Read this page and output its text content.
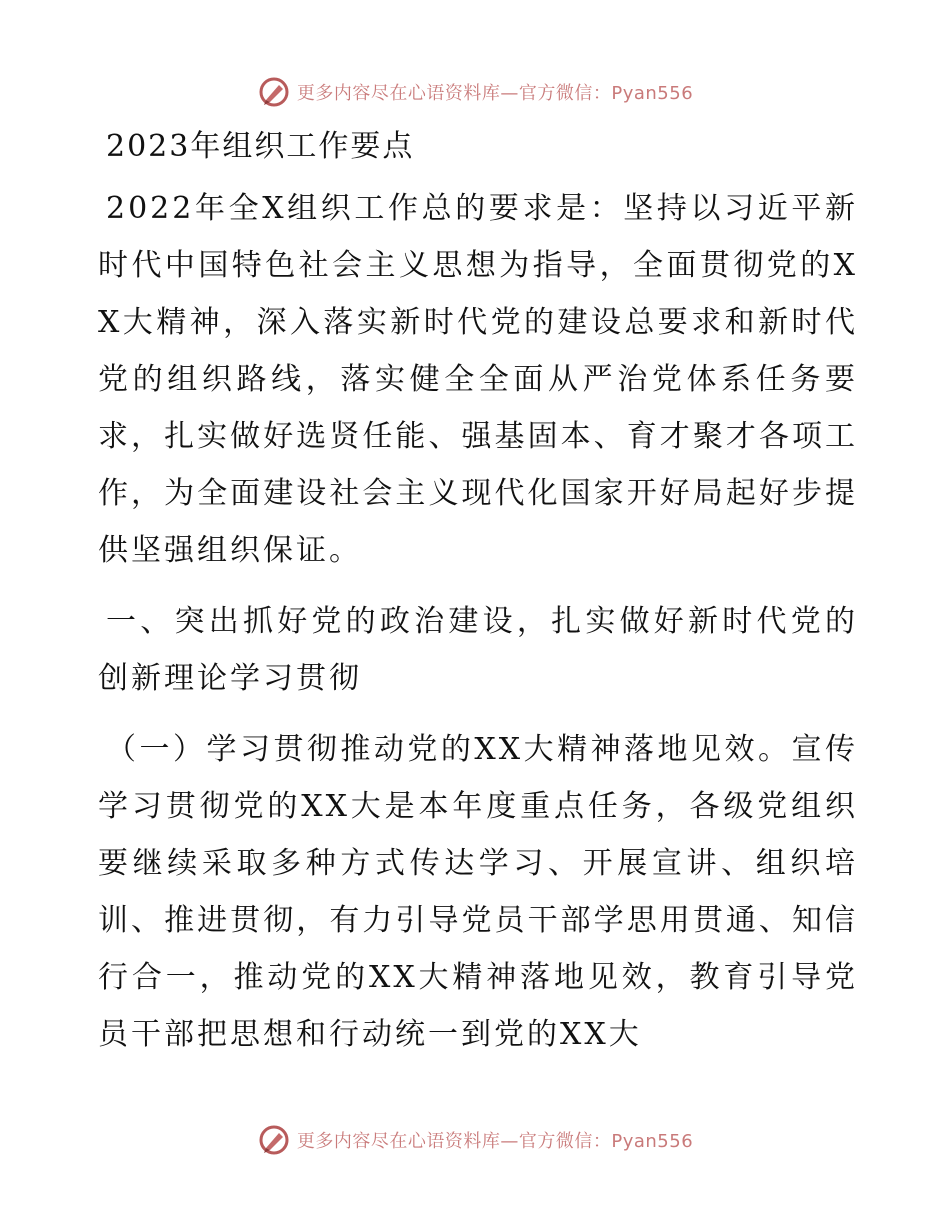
更多内容尽在心语资料库—官方微信：Pyan556
2023年组织工作要点

2022年全X组织工作总的要求是：坚持以习近平新时代中国特色社会主义思想为指导，全面贯彻党的XX大精神，深入落实新时代党的建设总要求和新时代党的组织路线，落实健全全面从严治党体系任务要求，扎实做好选贤任能、强基固本、育才聚才各项工作，为全面建设社会主义现代化国家开好局起好步提供坚强组织保证。

一、突出抓好党的政治建设，扎实做好新时代党的创新理论学习贯彻

（一）学习贯彻推动党的XX大精神落地见效。宣传学习贯彻党的XX大是本年度重点任务，各级党组织要继续采取多种方式传达学习、开展宣讲、组织培训、推进贯彻，有力引导党员干部学思用贯通、知信行合一，推动党的XX大精神落地见效，教育引导党员干部把思想和行动统一到党的XX大

更多内容尽在心语资料库—官方微信：Pyan556
